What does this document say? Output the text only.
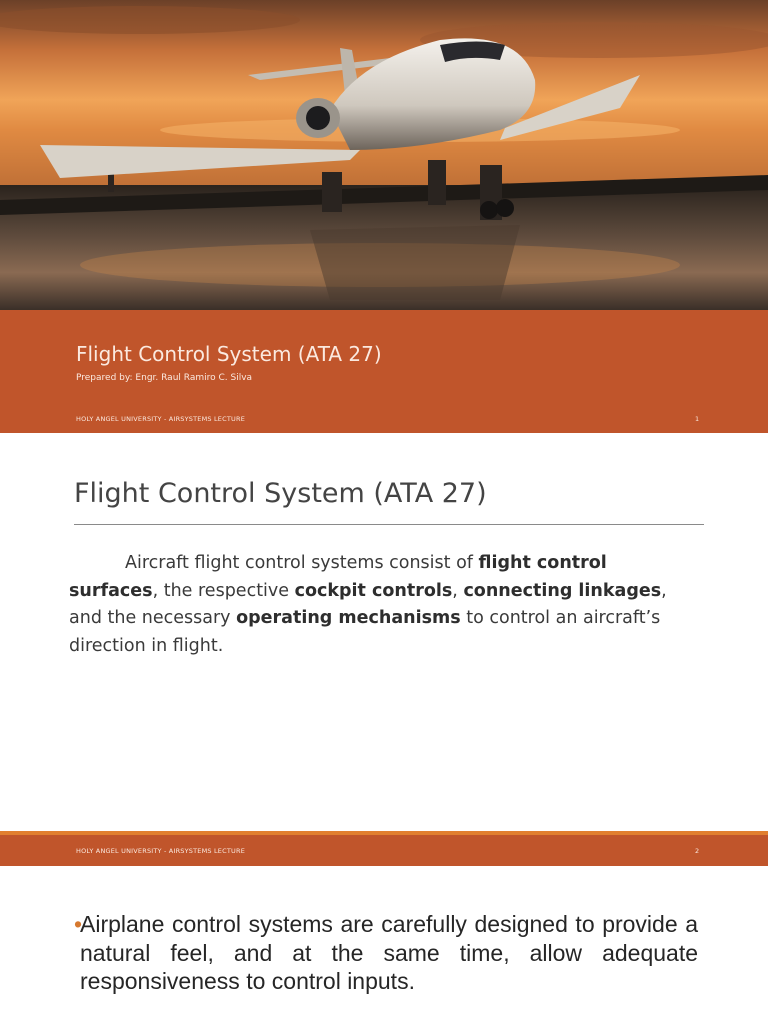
Flight Control System (ATA 27)

Prepared by: Engr. Raul Ramiro C. Silva

HOLY ANGEL UNIVERSITY - AIRSYSTEMS LECTURE	1
Flight Control System (ATA 27)

Aircraft flight control systems consist of flight control surfaces, the respective cockpit controls, connecting linkages, and the necessary operating mechanisms to control an aircraft’s direction in flight.

HOLY ANGEL UNIVERSITY - AIRSYSTEMS LECTURE	2
•
Airplane control systems are carefully designed to provide a natural feel, and at the same time, allow adequate responsiveness to control inputs.
